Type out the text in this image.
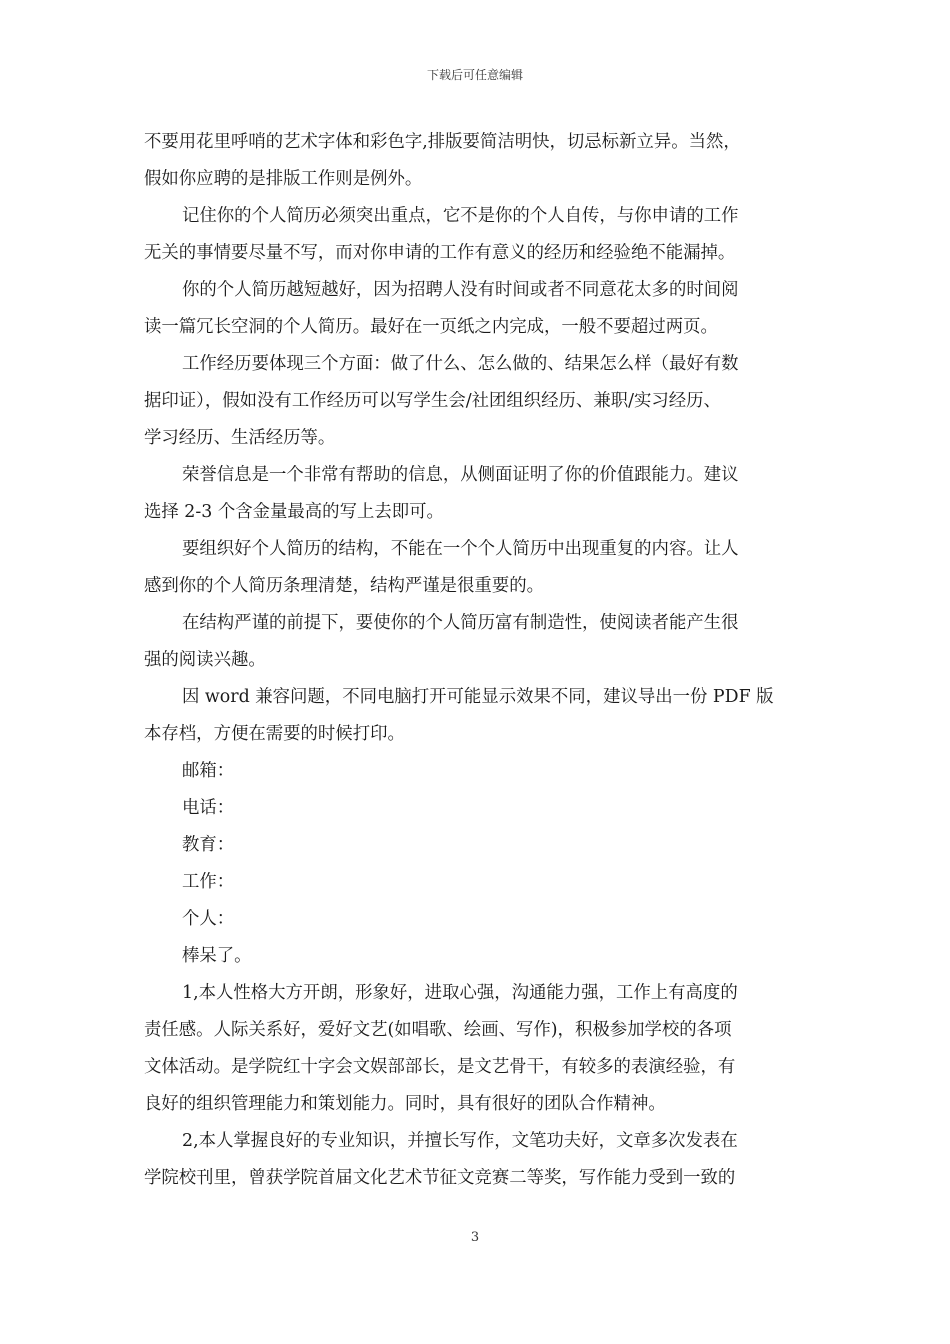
下载后可任意编辑
不要用花里呼哨的艺术字体和彩色字,排版要简洁明快，切忌标新立异。当然，
假如你应聘的是排版工作则是例外。
记住你的个人简历必须突出重点，它不是你的个人自传，与你申请的工作
无关的事情要尽量不写，而对你申请的工作有意义的经历和经验绝不能漏掉。
你的个人简历越短越好，因为招聘人没有时间或者不同意花太多的时间阅
读一篇冗长空洞的个人简历。最好在一页纸之内完成，一般不要超过两页。
工作经历要体现三个方面：做了什么、怎么做的、结果怎么样（最好有数
据印证），假如没有工作经历可以写学生会/社团组织经历、兼职/实习经历、
学习经历、生活经历等。
荣誉信息是一个非常有帮助的信息，从侧面证明了你的价值跟能力。建议
选择 2-3 个含金量最高的写上去即可。
要组织好个人简历的结构，不能在一个个人简历中出现重复的内容。让人
感到你的个人简历条理清楚，结构严谨是很重要的。
在结构严谨的前提下，要使你的个人简历富有制造性，使阅读者能产生很
强的阅读兴趣。
因 word 兼容问题，不同电脑打开可能显示效果不同，建议导出一份 PDF 版
本存档，方便在需要的时候打印。
邮箱：
电话：
教育：
工作：
个人：
棒呆了。
1,本人性格大方开朗，形象好，进取心强，沟通能力强，工作上有高度的
责任感。人际关系好，爱好文艺(如唱歌、绘画、写作)，积极参加学校的各项
文体活动。是学院红十字会文娱部部长，是文艺骨干，有较多的表演经验，有
良好的组织管理能力和策划能力。同时，具有很好的团队合作精神。
2,本人掌握良好的专业知识，并擅长写作，文笔功夫好，文章多次发表在
学院校刊里，曾获学院首届文化艺术节征文竞赛二等奖，写作能力受到一致的
3
